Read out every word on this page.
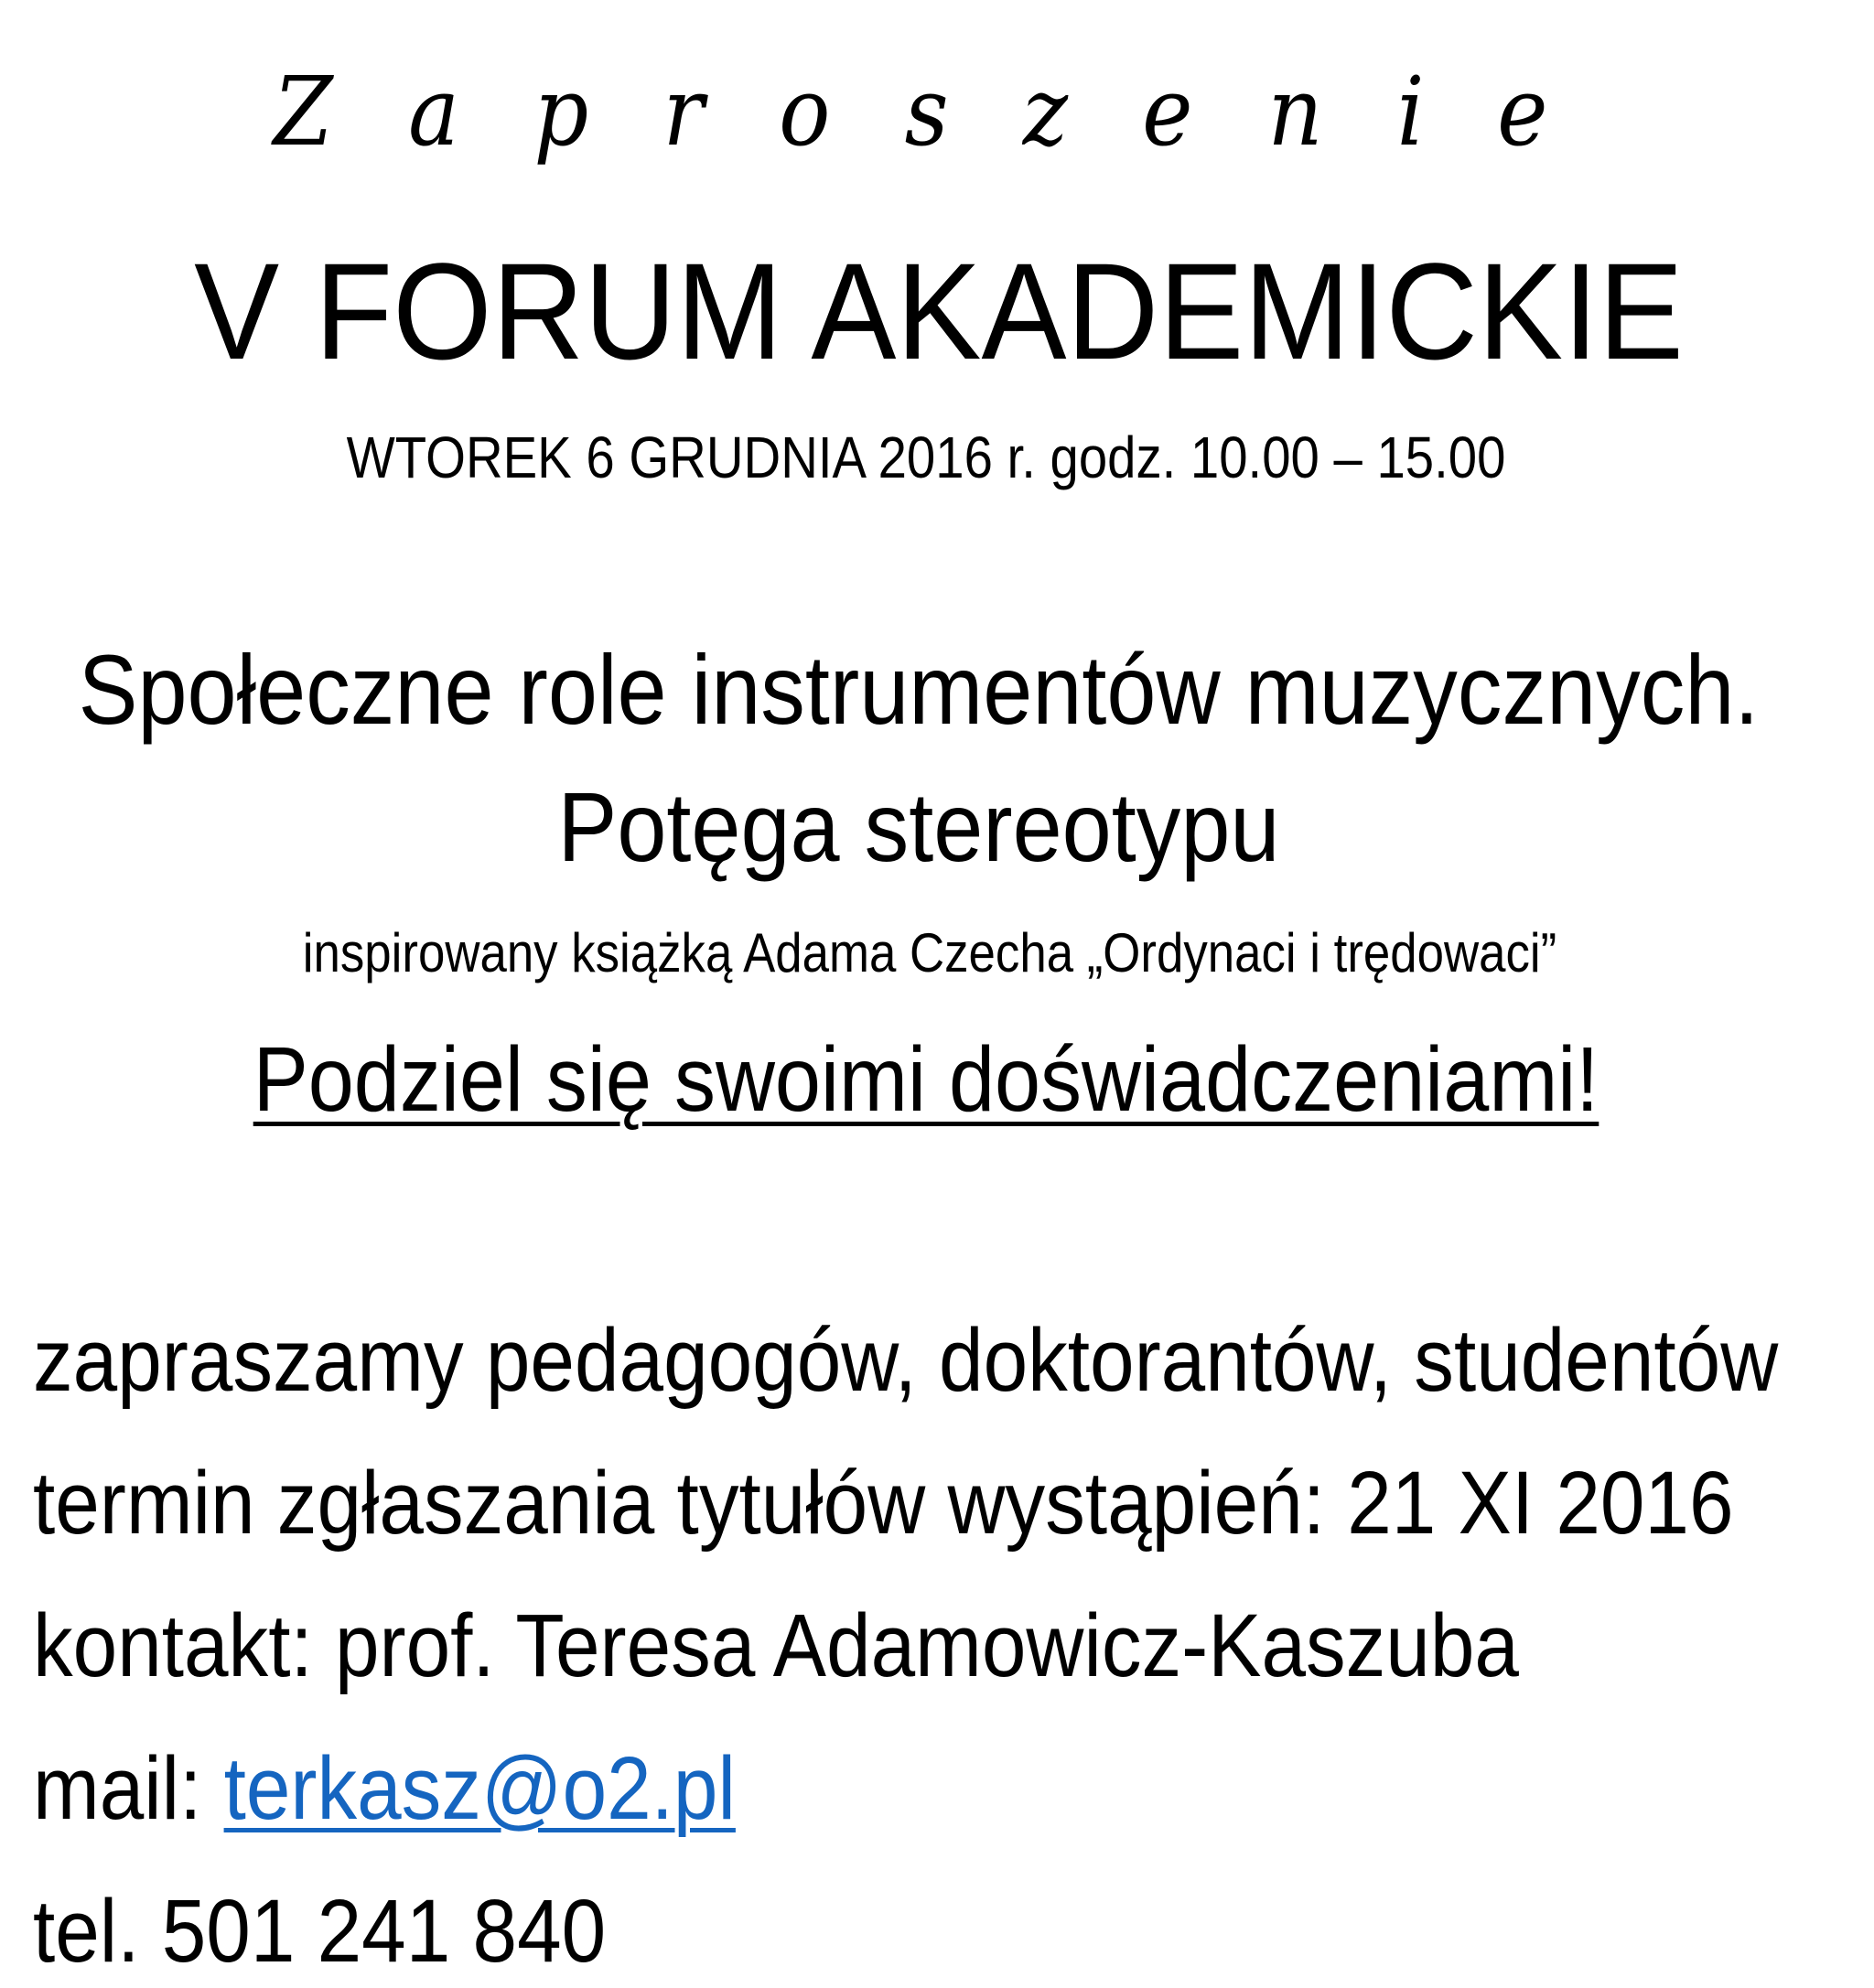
Z a p r o s z e n i e
V FORUM AKADEMICKIE
WTOREK 6 GRUDNIA 2016 r. godz. 10.00 – 15.00
Społeczne role instrumentów muzycznych.
Potęga stereotypu
inspirowany książką Adama Czecha „Ordynaci i trędowaci”
Podziel się swoimi doświadczeniami!
zapraszamy pedagogów, doktorantów, studentów
termin zgłaszania tytułów wystąpień: 21 XI 2016
kontakt: prof. Teresa Adamowicz-Kaszuba
mail: terkasz@o2.pl
tel. 501 241 840
